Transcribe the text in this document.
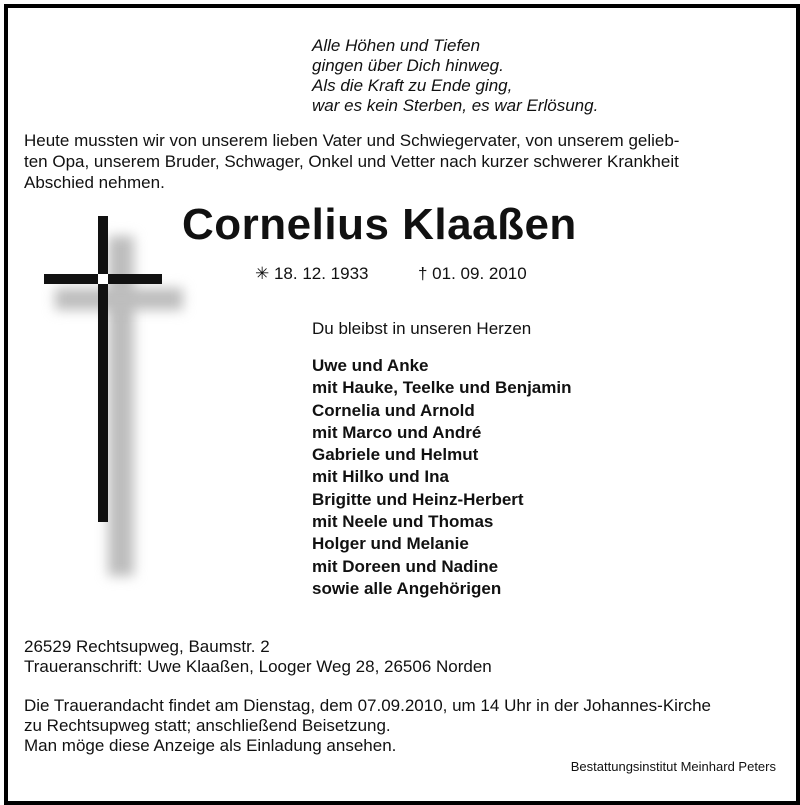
Alle Höhen und Tiefen
gingen über Dich hinweg.
Als die Kraft zu Ende ging,
war es kein Sterben, es war Erlösung.
Heute mussten wir von unserem lieben Vater und Schwiegervater, von unserem gelieb-
ten Opa, unserem Bruder, Schwager, Onkel und Vetter nach kurzer schwerer Krankheit
Abschied nehmen.
Cornelius Klaaßen
✳ 18. 12. 1933	† 01. 09. 2010
Du bleibst in unseren Herzen
Uwe und Anke
mit Hauke, Teelke und Benjamin
Cornelia und Arnold
mit Marco und André
Gabriele und Helmut
mit Hilko und Ina
Brigitte und Heinz-Herbert
mit Neele und Thomas
Holger und Melanie
mit Doreen und Nadine
sowie alle Angehörigen
26529 Rechtsupweg, Baumstr. 2
Traueranschrift: Uwe Klaaßen, Looger Weg 28, 26506 Norden
Die Trauerandacht findet am Dienstag, dem 07.09.2010, um 14 Uhr in der Johannes-Kirche
zu Rechtsupweg statt; anschließend Beisetzung.
Man möge diese Anzeige als Einladung ansehen.
Bestattungsinstitut Meinhard Peters
